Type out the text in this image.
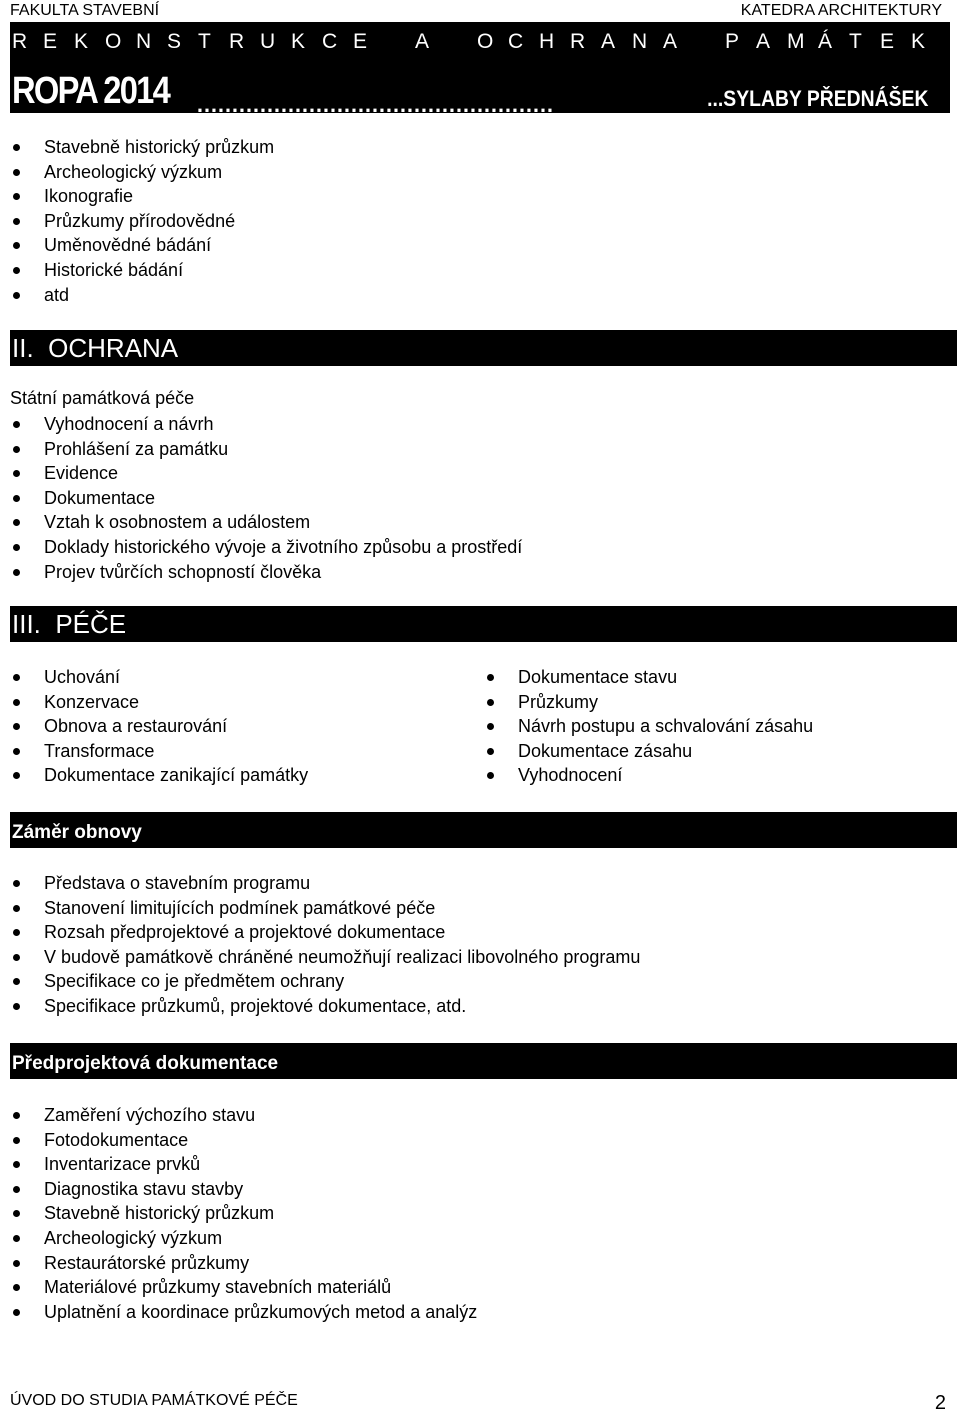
FAKULTA STAVEBNÍ	KATEDRA ARCHITEKTURY
R E K O N S T R U K C E A O C H R A N A P A M Á T E K
ROPA 2014 ……………………………………………	...SYLABY PŘEDNÁŠEK
Stavebně historický průzkum
Archeologický výzkum
Ikonografie
Průzkumy přírodovědné
Uměnovědné bádání
Historické bádání
atd
II.  OCHRANA
Státní památková péče
Vyhodnocení a návrh
Prohlášení za památku
Evidence
Dokumentace
Vztah k osobnostem a událostem
Doklady historického vývoje a životního způsobu a prostředí
Projev tvůrčích schopností člověka
III.  PÉČE
Uchování
Konzervace
Obnova a restaurování
Transformace
Dokumentace zanikající památky
Dokumentace stavu
Průzkumy
Návrh postupu a schvalování zásahu
Dokumentace zásahu
Vyhodnocení
Záměr obnovy
Představa o stavebním programu
Stanovení limitujících podmínek památkové péče
Rozsah předprojektové a projektové dokumentace
V budově památkově chráněné neumožňují realizaci libovolného programu
Specifikace co je předmětem ochrany
Specifikace průzkumů, projektové dokumentace, atd.
Předprojektová dokumentace
Zaměření výchozího stavu
Fotodokumentace
Inventarizace prvků
Diagnostika stavu stavby
Stavebně historický průzkum
Archeologický výzkum
Restaurátorské průzkumy
Materiálové průzkumy stavebních materiálů
Uplatnění a koordinace průzkumových metod a analýz
ÚVOD DO STUDIA PAMÁTKOVÉ PÉČE	2
